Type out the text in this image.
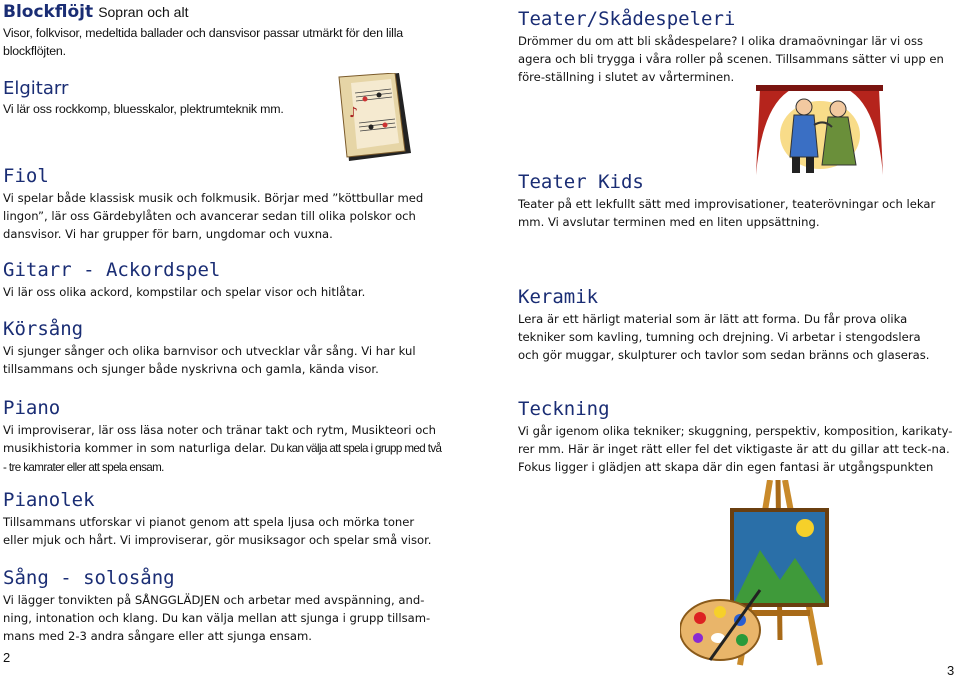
Blockflöjt Sopran och alt
Visor, folkvisor, medeltida ballader och dansvisor passar utmärkt för den lilla blockflöjten.
Elgitarr
Vi lär oss rockkomp, bluesskalor, plektrumteknik mm.	♪
Fiol
Vi spelar både klassisk musik och folkmusik. Börjar med ”köttbullar med lingon”, lär oss Gärdebylåten och avancerar sedan till olika polskor och dansvisor. Vi har grupper för barn, ungdomar och vuxna.
Gitarr - Ackordspel
Vi lär oss olika ackord, kompstilar och spelar visor och hitlåtar.
Körsång
Vi sjunger sånger och olika barnvisor och utvecklar vår sång. Vi har kul tillsammans och sjunger både nyskrivna och gamla, kända visor.
Piano
Vi improviserar, lär oss läsa noter och tränar takt och rytm, Musikteori och musikhistoria kommer in som naturliga delar. Du kan välja att spela i grupp med två - tre kamrater eller att spela ensam.
Pianolek
Tillsammans utforskar vi pianot genom att spela ljusa och mörka toner eller mjuk och hårt. Vi improviserar, gör musiksagor och spelar små visor.
Sång - solosång
Vi lägger tonvikten på SÅNGGLÄDJEN och arbetar med avspänning, and-ning, intonation och klang. Du kan välja mellan att sjunga i grupp tillsam-mans med 2-3 andra sångare eller att sjunga ensam.
2
Teater/Skådespeleri
Drömmer du om att bli skådespelare? I olika dramaövningar lär vi oss agera och bli trygga i våra roller på scenen. Tillsammans sätter vi upp en före-ställning i slutet av vårterminen.
Teater Kids
Teater på ett lekfullt sätt med improvisationer, teaterövningar och lekar mm. Vi avslutar terminen med en liten uppsättning.
Keramik
Lera är ett härligt material som är lätt att forma. Du får prova olika tekniker som kavling, tumning och drejning. Vi arbetar i stengodslera och gör muggar, skulpturer och tavlor som sedan bränns och glaseras.
Teckning
Vi går igenom olika tekniker; skuggning, perspektiv, komposition, karikaty-rer mm. Här är inget rätt eller fel det viktigaste är att du gillar att teck-na. Fokus ligger i glädjen att skapa där din egen fantasi är utgångspunkten
3
